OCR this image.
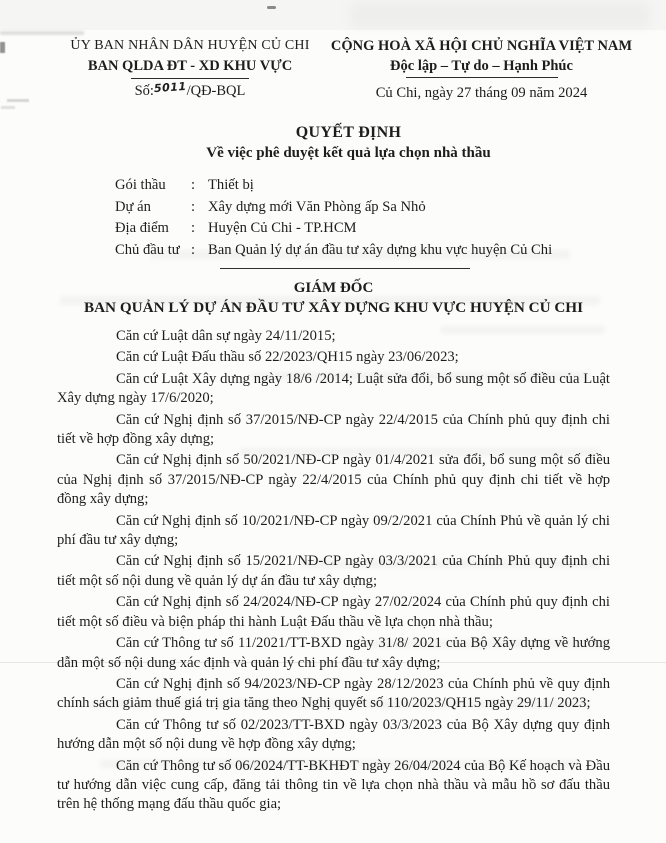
ỦY BAN NHÂN DÂN HUYỆN CỦ CHI
BAN QLDA ĐT - XD KHU VỰC
Số:5011/QĐ-BQL
CỘNG HOÀ XÃ HỘI CHỦ NGHĨA VIỆT NAM
Độc lập – Tự do – Hạnh Phúc
Củ Chi, ngày 27 tháng 09 năm 2024
QUYẾT ĐỊNH
Về việc phê duyệt kết quả lựa chọn nhà thầu
Gói thầu	: Thiết bị
Dự án	: Xây dựng mới Văn Phòng ấp Sa Nhỏ
Địa điểm	: Huyện Củ Chi - TP.HCM
Chủ đầu tư : Ban Quản lý dự án đầu tư xây dựng khu vực huyện Củ Chi
GIÁM ĐỐC
BAN QUẢN LÝ DỰ ÁN ĐẦU TƯ XÂY DỰNG KHU VỰC HUYỆN CỦ CHI

Căn cứ Luật dân sự ngày 24/11/2015;

Căn cứ Luật Đấu thầu số 22/2023/QH15 ngày 23/06/2023;

Căn cứ Luật Xây dựng ngày 18/6 /2014; Luật sửa đổi, bổ sung một số điều của Luật Xây dựng ngày 17/6/2020;

Căn cứ Nghị định số 37/2015/NĐ-CP ngày 22/4/2015 của Chính phủ quy định chi tiết về hợp đồng xây dựng;

Căn cứ Nghị định số 50/2021/NĐ-CP ngày 01/4/2021 sửa đổi, bổ sung một số điều của Nghị định số 37/2015/NĐ-CP ngày 22/4/2015 của Chính phủ quy định chi tiết về hợp đồng xây dựng;

Căn cứ Nghị định số 10/2021/NĐ-CP ngày 09/2/2021 của Chính Phủ về quản lý chi phí đầu tư xây dựng;

Căn cứ Nghị định số 15/2021/NĐ-CP ngày 03/3/2021 của Chính Phủ quy định chi tiết một số nội dung về quản lý dự án đầu tư xây dựng;

Căn cứ Nghị định số 24/2024/NĐ-CP ngày 27/02/2024 của Chính phủ quy định chi tiết một số điều và biện pháp thi hành Luật Đấu thầu về lựa chọn nhà thầu;

Căn cứ Thông tư số 11/2021/TT-BXD ngày 31/8/ 2021 của Bộ Xây dựng về hướng dẫn một số nội dung xác định và quản lý chi phí đầu tư xây dựng;

Căn cứ Nghị định số 94/2023/NĐ-CP ngày 28/12/2023 của Chính phủ về quy định chính sách giảm thuế giá trị gia tăng theo Nghị quyết số 110/2023/QH15 ngày 29/11/ 2023;

Căn cứ Thông tư số 02/2023/TT-BXD ngày 03/3/2023 của Bộ Xây dựng quy định hướng dẫn một số nội dung về hợp đồng xây dựng;

Căn cứ Thông tư số 06/2024/TT-BKHĐT ngày 26/04/2024 của Bộ Kế hoạch và Đầu tư hướng dẫn việc cung cấp, đăng tải thông tin về lựa chọn nhà thầu và mẫu hồ sơ đấu thầu trên hệ thống mạng đấu thầu quốc gia;
